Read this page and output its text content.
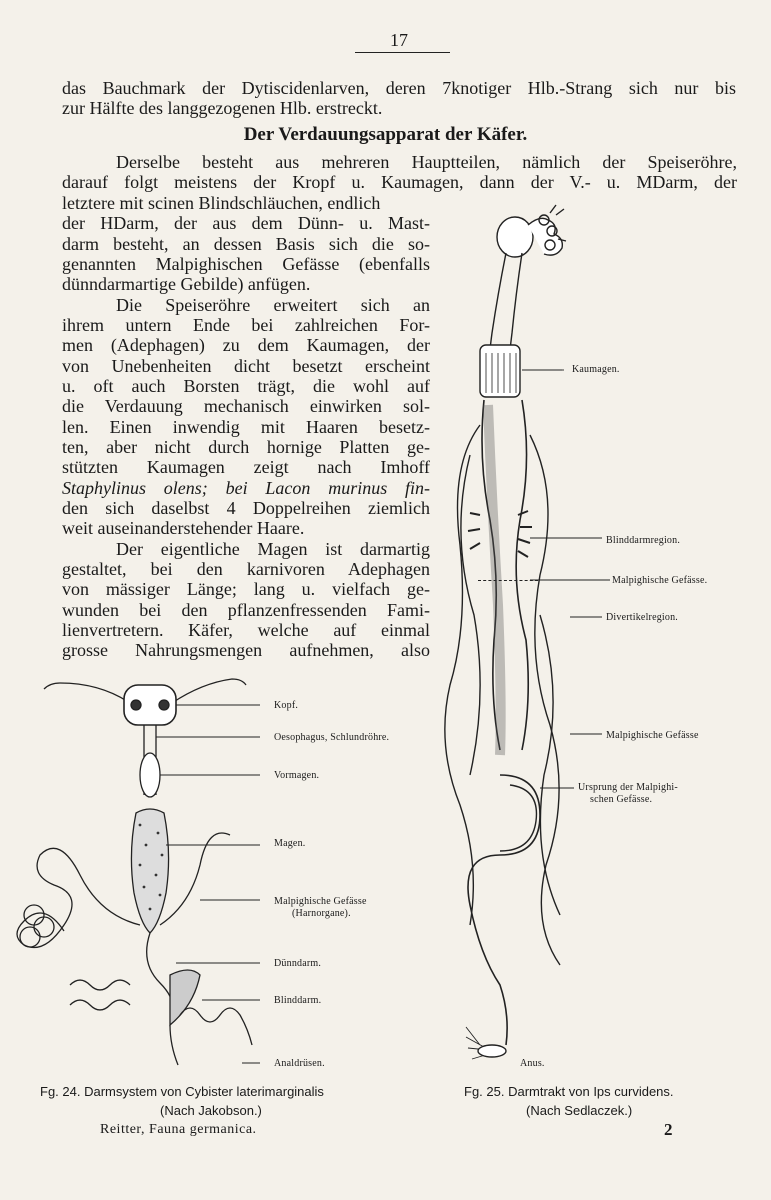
17
das Bauchmark der Dytiscidenlarven, deren 7knotiger Hlb.-Strang sich nur bis
zur Hälfte des langgezogenen Hlb. erstreckt.
Der Verdauungsapparat der Käfer.
Derselbe besteht aus mehreren Hauptteilen, nämlich der Speiseröhre,
darauf folgt meistens der Kropf u. Kaumagen, dann der V.- u. MDarm, der
letztere mit scinen Blindschläuchen, endlich
der HDarm, der aus dem Dünn- u. Mast-
darm besteht, an dessen Basis sich die so-
genannten Malpighischen Gefässe (ebenfalls
dünndarmartige Gebilde) anfügen.
Die Speiseröhre erweitert sich an
ihrem untern Ende bei zahlreichen For-
men (Adephagen) zu dem Kaumagen, der
von Unebenheiten dicht besetzt erscheint
u. oft auch Borsten trägt, die wohl auf
die Verdauung mechanisch einwirken sol-
len. Einen inwendig mit Haaren besetz-
ten, aber nicht durch hornige Platten ge-
stützten Kaumagen zeigt nach Imhoff
Staphylinus olens; bei Lacon murinus fin-
den sich daselbst 4 Doppelreihen ziemlich
weit auseinanderstehender Haare.
Der eigentliche Magen ist darmartig
gestaltet, bei den karnivoren Adephagen
von mässiger Länge; lang u. vielfach ge-
wunden bei den pflanzenfressenden Fami-
lienvertretern. Käfer, welche auf einmal
grosse Nahrungsmengen aufnehmen, also
Kaumagen.
Blinddarmregion.
Malpighische Gefässe.
Divertikelregion.
Malpighische Gefässe
Ursprung der Malpighi-
schen Gefässe.
Anus.
Kopf.
Oesophagus, Schlundröhre.
Vormagen.
Magen.
Malpighische Gefässe
(Harnorgane).
Dünndarm.
Blinddarm.
Analdrüsen.
Fg. 24. Darmsystem von Cybister laterimarginalis
(Nach Jakobson.)
Fg. 25. Darmtrakt von Ips curvidens.
(Nach Sedlaczek.)
Reitter, Fauna germanica.	2
